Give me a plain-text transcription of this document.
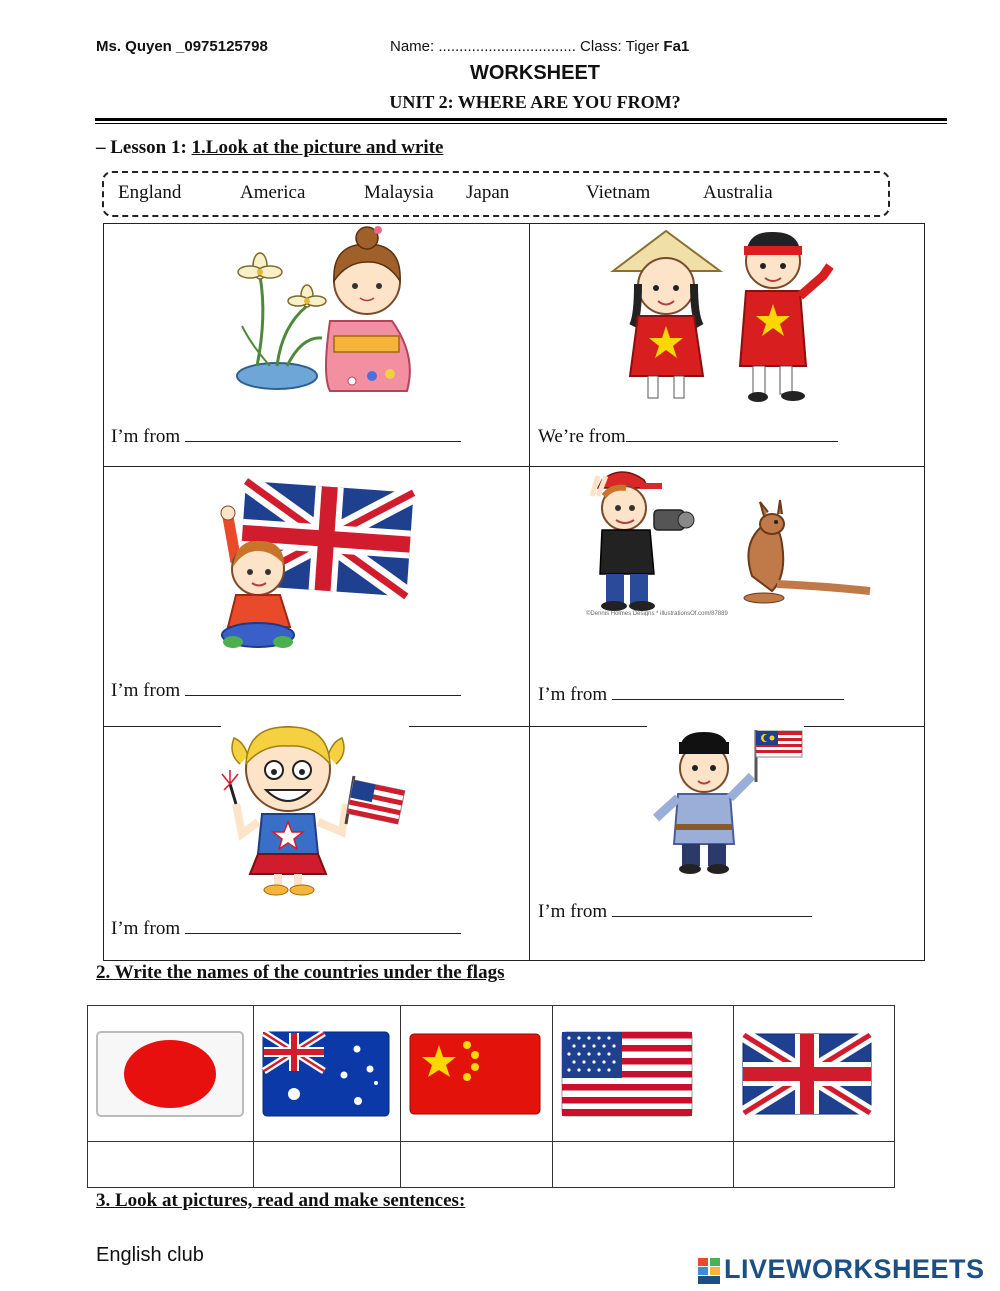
Ms. Quyen _0975125798	Name: ................................. Class: Tiger Fa1
WORKSHEET
UNIT 2: WHERE ARE YOU FROM?
– Lesson 1: 1.Look at the picture and write
England	America	Malaysia Japan	Vietnam	Australia
I’m from	We’re from
I’m from
©Dennis Holmes Designs * illustrationsOf.com/87889
I’m from
I’m from
I’m from
2. Write the names of the countries under the flags

3. Look at pictures, read and make sentences:
English club	LIVEWORKSHEETS
